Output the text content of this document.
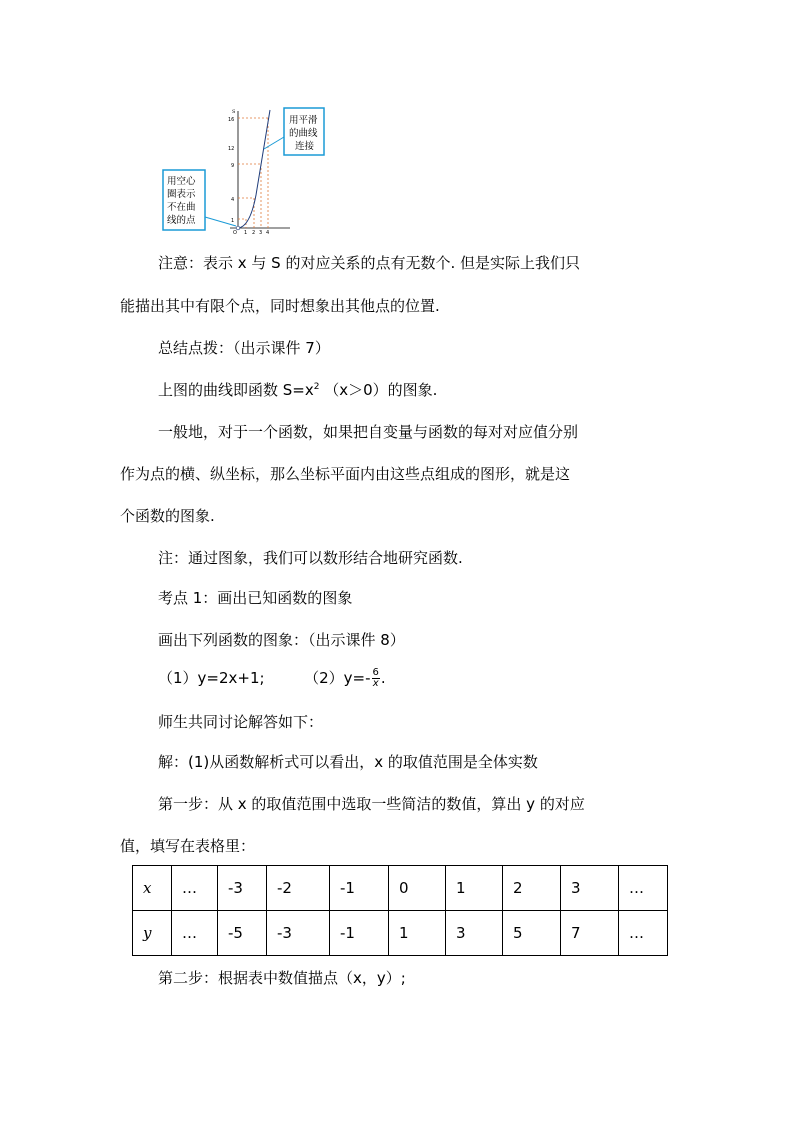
S
16
12
9
4
1
O 1 2 3 4
用平滑
的曲线
连接
用空心
圈表示
不在曲
线的点
注意：表示 x 与 S 的对应关系的点有无数个. 但是实际上我们只
能描出其中有限个点，同时想象出其他点的位置.
总结点拨：（出示课件 7）
上图的曲线即函数 $S=x^2$ （x＞0）的图象.
一般地，对于一个函数，如果把自变量与函数的每对对应值分别
作为点的横、纵坐标，那么坐标平面内由这些点组成的图形，就是这
个函数的图象.
注：通过图象，我们可以数形结合地研究函数.
考点 1：画出已知函数的图象
画出下列函数的图象：（出示课件 8）
（1）y=2x+1;	$(2)y=- \frac{6}{x}$ .
师生共同讨论解答如下：
解：(1)从函数解析式可以看出，x 的取值范围是全体实数
第一步：从 x 的取值范围中选取一些简洁的数值，算出 y 的对应
值，填写在表格里：
x	…	-3	-2	-1	0	1	2	3	…
y	…	-5	-3	-1	1	3	5	7	…
第二步：根据表中数值描点（x，y）;
